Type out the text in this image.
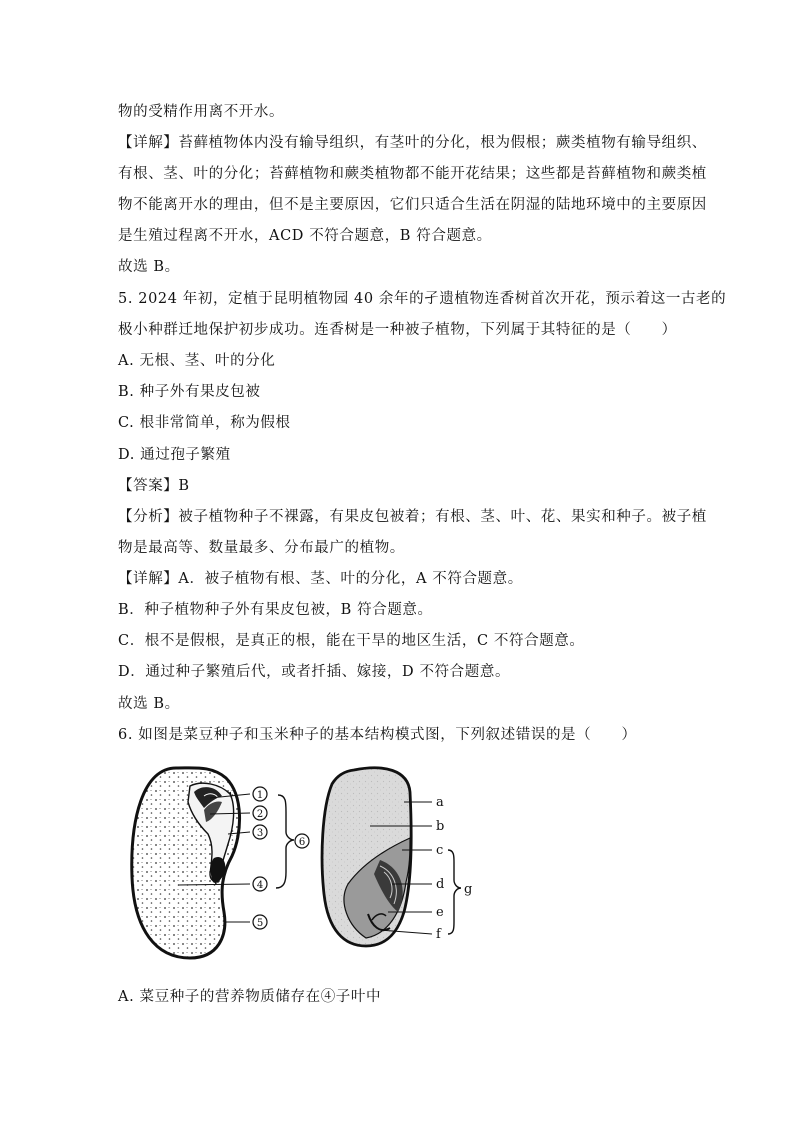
物的受精作用离不开水。
【详解】苔藓植物体内没有输导组织，有茎叶的分化，根为假根；蕨类植物有输导组织、
有根、茎、叶的分化；苔藓植物和蕨类植物都不能开花结果；这些都是苔藓植物和蕨类植
物不能离开水的理由，但不是主要原因，它们只适合生活在阴湿的陆地环境中的主要原因
是生殖过程离不开水，ACD 不符合题意，B 符合题意。
故选 B。
5. 2024 年初，定植于昆明植物园 40 余年的孑遗植物连香树首次开花，预示着这一古老的
极小种群迁地保护初步成功。连香树是一种被子植物，下列属于其特征的是（　　）
A. 无根、茎、叶的分化
B. 种子外有果皮包被
C. 根非常简单，称为假根
D. 通过孢子繁殖
【答案】B
【分析】被子植物种子不裸露，有果皮包被着；有根、茎、叶、花、果实和种子。被子植
物是最高等、数量最多、分布最广的植物。
【详解】A．被子植物有根、茎、叶的分化，A 不符合题意。
B．种子植物种子外有果皮包被，B 符合题意。
C．根不是假根，是真正的根，能在干旱的地区生活，C 不符合题意。
D．通过种子繁殖后代，或者扦插、嫁接，D 不符合题意。
故选 B。
6. 如图是菜豆种子和玉米种子的基本结构模式图，下列叙述错误的是（　　）
1
2
3
4
5
6
a
b
c
d
e
f
g
A. 菜豆种子的营养物质储存在④子叶中
